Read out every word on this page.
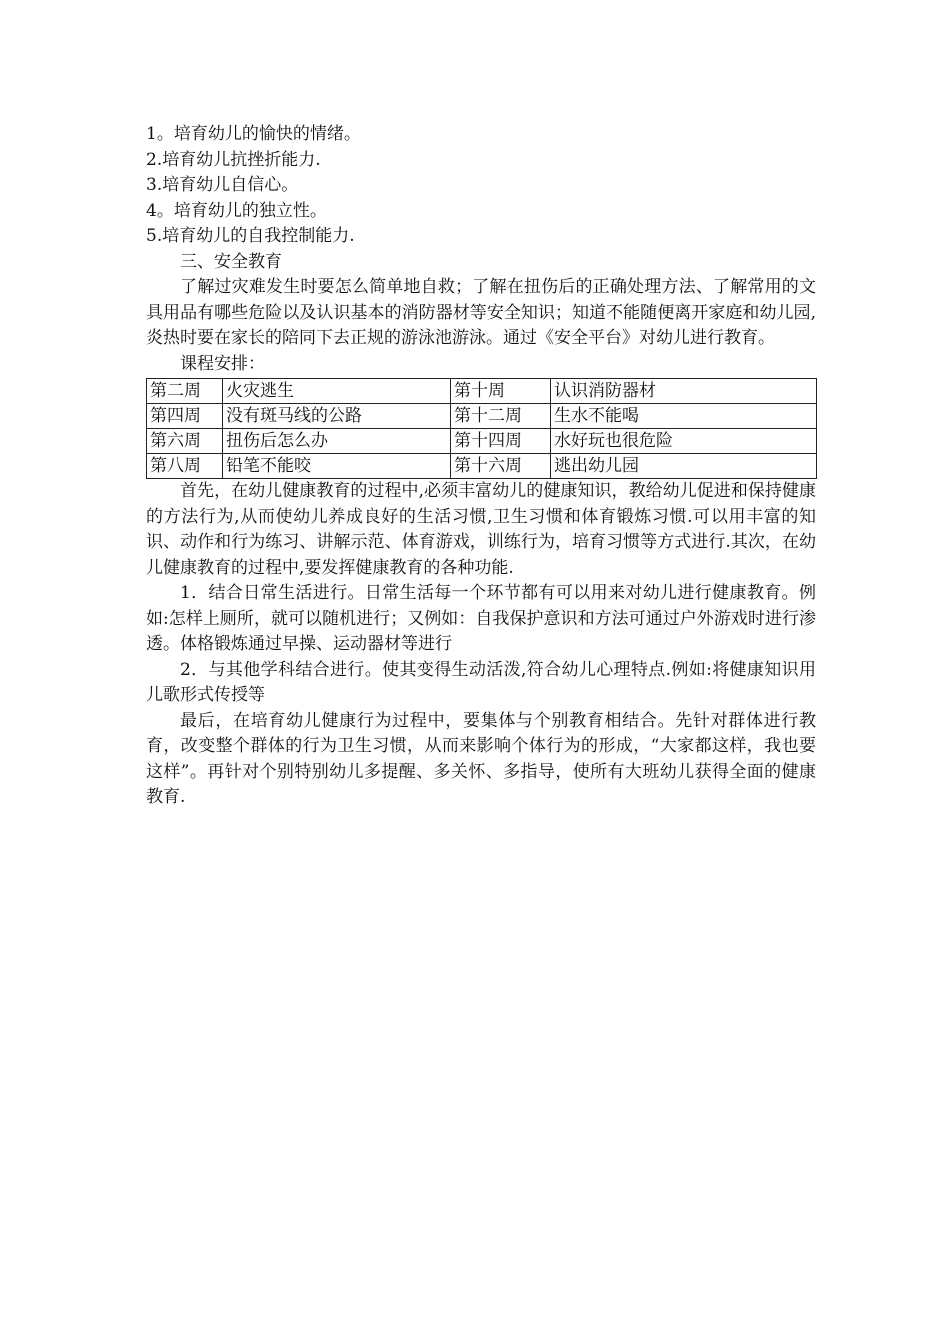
1。培育幼儿的愉快的情绪。

2.培育幼儿抗挫折能力.

3.培育幼儿自信心。

4。培育幼儿的独立性。

5.培育幼儿的自我控制能力.

三、安全教育

了解过灾难发生时要怎么简单地自救；了解在扭伤后的正确处理方法、了解常用的文具用品有哪些危险以及认识基本的消防器材等安全知识；知道不能随便离开家庭和幼儿园,炎热时要在家长的陪同下去正规的游泳池游泳。通过《安全平台》对幼儿进行教育。

课程安排：

第二周	火灾逃生	第十周	认识消防器材
第四周	没有斑马线的公路	第十二周	生水不能喝
第六周	扭伤后怎么办	第十四周	水好玩也很危险
第八周	铅笔不能咬	第十六周	逃出幼儿园

首先，在幼儿健康教育的过程中,必须丰富幼儿的健康知识，教给幼儿促进和保持健康的方法行为,从而使幼儿养成良好的生活习惯,卫生习惯和体育锻炼习惯.可以用丰富的知识、动作和行为练习、讲解示范、体育游戏，训练行为，培育习惯等方式进行.其次，在幼儿健康教育的过程中,要发挥健康教育的各种功能.

1．结合日常生活进行。日常生活每一个环节都有可以用来对幼儿进行健康教育。例如:怎样上厕所，就可以随机进行；又例如：自我保护意识和方法可通过户外游戏时进行渗透。体格锻炼通过早操、运动器材等进行

2．与其他学科结合进行。使其变得生动活泼,符合幼儿心理特点.例如:将健康知识用儿歌形式传授等

最后，在培育幼儿健康行为过程中，要集体与个别教育相结合。先针对群体进行教育，改变整个群体的行为卫生习惯，从而来影响个体行为的形成，“大家都这样，我也要这样”。再针对个别特别幼儿多提醒、多关怀、多指导，使所有大班幼儿获得全面的健康教育.
